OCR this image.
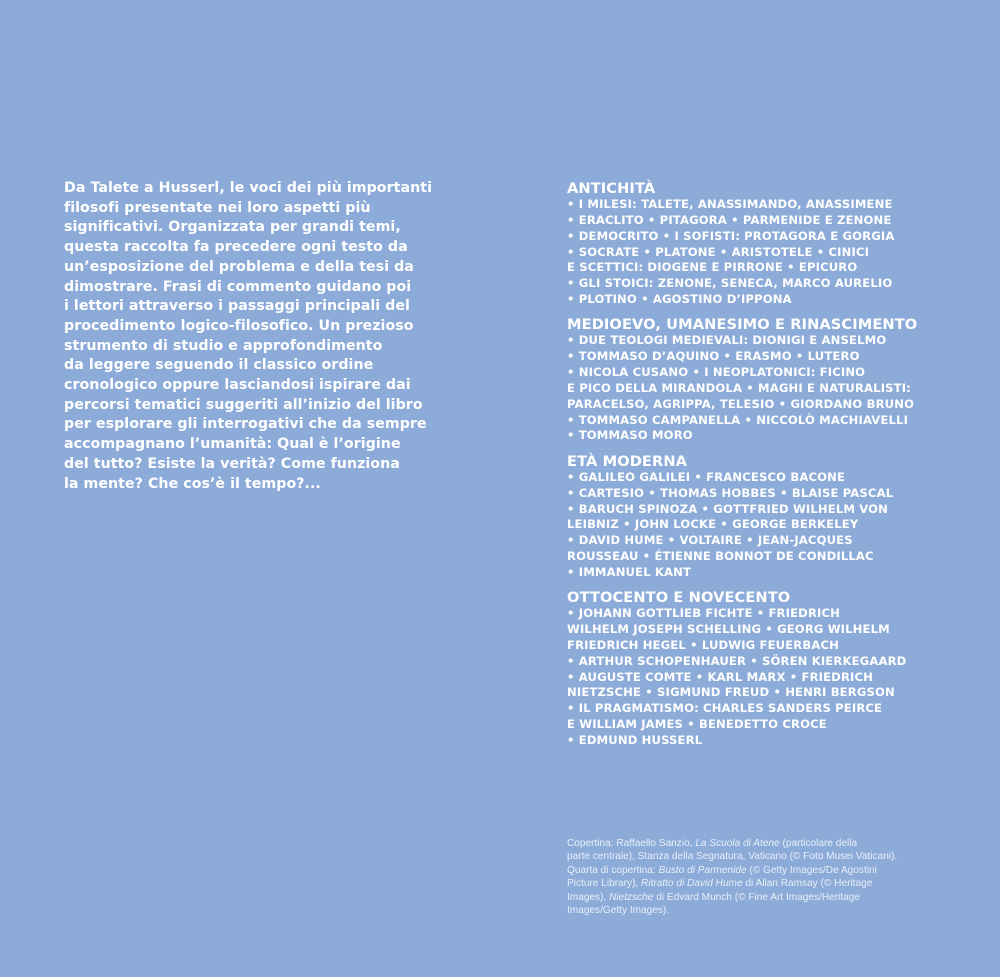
Da Talete a Husserl, le voci dei più importanti
filosofi presentate nei loro aspetti più
significativi. Organizzata per grandi temi,
questa raccolta fa precedere ogni testo da
un’esposizione del problema e della tesi da
dimostrare. Frasi di commento guidano poi
i lettori attraverso i passaggi principali del
procedimento logico-filosofico. Un prezioso
strumento di studio e approfondimento
da leggere seguendo il classico ordine
cronologico oppure lasciandosi ispirare dai
percorsi tematici suggeriti all’inizio del libro
per esplorare gli interrogativi che da sempre
accompagnano l’umanità: Qual è l’origine
del tutto? Esiste la verità? Come funziona
la mente? Che cos’è il tempo?...
ANTICHITÀ
• I MILESI: TALETE, ANASSIMANDO, ANASSIMENE
• ERACLITO • PITAGORA • PARMENIDE E ZENONE
• DEMOCRITO • I SOFISTI: PROTAGORA E GORGIA
• SOCRATE • PLATONE • ARISTOTELE • CINICI
E SCETTICI: DIOGENE E PIRRONE • EPICURO
• GLI STOICI: ZENONE, SENECA, MARCO AURELIO
• PLOTINO • AGOSTINO D’IPPONA
MEDIOEVO, UMANESIMO E RINASCIMENTO
• DUE TEOLOGI MEDIEVALI: DIONIGI E ANSELMO
• TOMMASO D’AQUINO • ERASMO • LUTERO
• NICOLA CUSANO • I NEOPLATONICI: FICINO
E PICO DELLA MIRANDOLA • MAGHI E NATURALISTI:
PARACELSO, AGRIPPA, TELESIO • GIORDANO BRUNO
• TOMMASO CAMPANELLA • NICCOLÒ MACHIAVELLI
• TOMMASO MORO
ETÀ MODERNA
• GALILEO GALILEI • FRANCESCO BACONE
• CARTESIO • THOMAS HOBBES • BLAISE PASCAL
• BARUCH SPINOZA • GOTTFRIED WILHELM VON
LEIBNIZ • JOHN LOCKE • GEORGE BERKELEY
• DAVID HUME • VOLTAIRE • JEAN-JACQUES
ROUSSEAU • ÉTIENNE BONNOT DE CONDILLAC
• IMMANUEL KANT
OTTOCENTO E NOVECENTO
• JOHANN GOTTLIEB FICHTE • FRIEDRICH
WILHELM JOSEPH SCHELLING • GEORG WILHELM
FRIEDRICH HEGEL • LUDWIG FEUERBACH
• ARTHUR SCHOPENHAUER • SÖREN KIERKEGAARD
• AUGUSTE COMTE • KARL MARX • FRIEDRICH
NIETZSCHE • SIGMUND FREUD • HENRI BERGSON
• IL PRAGMATISMO: CHARLES SANDERS PEIRCE
E WILLIAM JAMES • BENEDETTO CROCE
• EDMUND HUSSERL
Copertina: Raffaello Sanzio, La Scuola di Atene (particolare della
parte centrale), Stanza della Segnatura, Vaticano (© Foto Musei Vaticani).
Quarta di copertina: Busto di Parmenide (© Getty Images/De Agostini
Picture Library), Ritratto di David Hume di Allan Ramsay (© Heritage
Images), Nietzsche di Edvard Munch (© Fine Art Images/Heritage
Images/Getty Images).
